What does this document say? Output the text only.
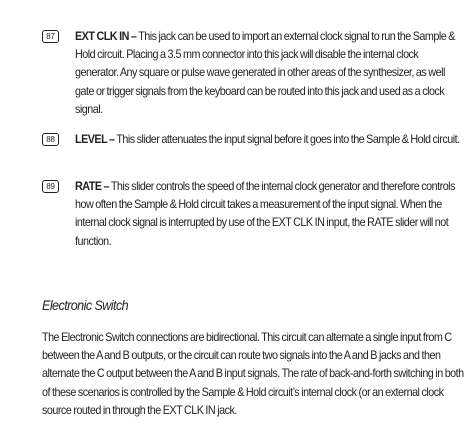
87	EXT CLK IN – This jack can be used to import an external clock signal to run the Sample & Hold circuit. Placing a 3.5 mm connector into this jack will disable the internal clock generator. Any square or pulse wave generated in other areas of the synthesizer, as well gate or trigger signals from the keyboard can be routed into this jack and used as a clock signal.
88	LEVEL – This slider attenuates the input signal before it goes into the Sample & Hold circuit.
89	RATE – This slider controls the speed of the internal clock generator and therefore controls how often the Sample & Hold circuit takes a measurement of the input signal. When the internal clock signal is interrupted by use of the EXT CLK IN input, the RATE slider will not function.
Electronic Switch
The Electronic Switch connections are bidirectional. This circuit can alternate a single input from C between the A and B outputs, or the circuit can route two signals into the A and B jacks and then alternate the C output between the A and B input signals. The rate of back-and-forth switching in both of these scenarios is controlled by the Sample & Hold circuit’s internal clock (or an external clock source routed in through the EXT CLK IN jack.
